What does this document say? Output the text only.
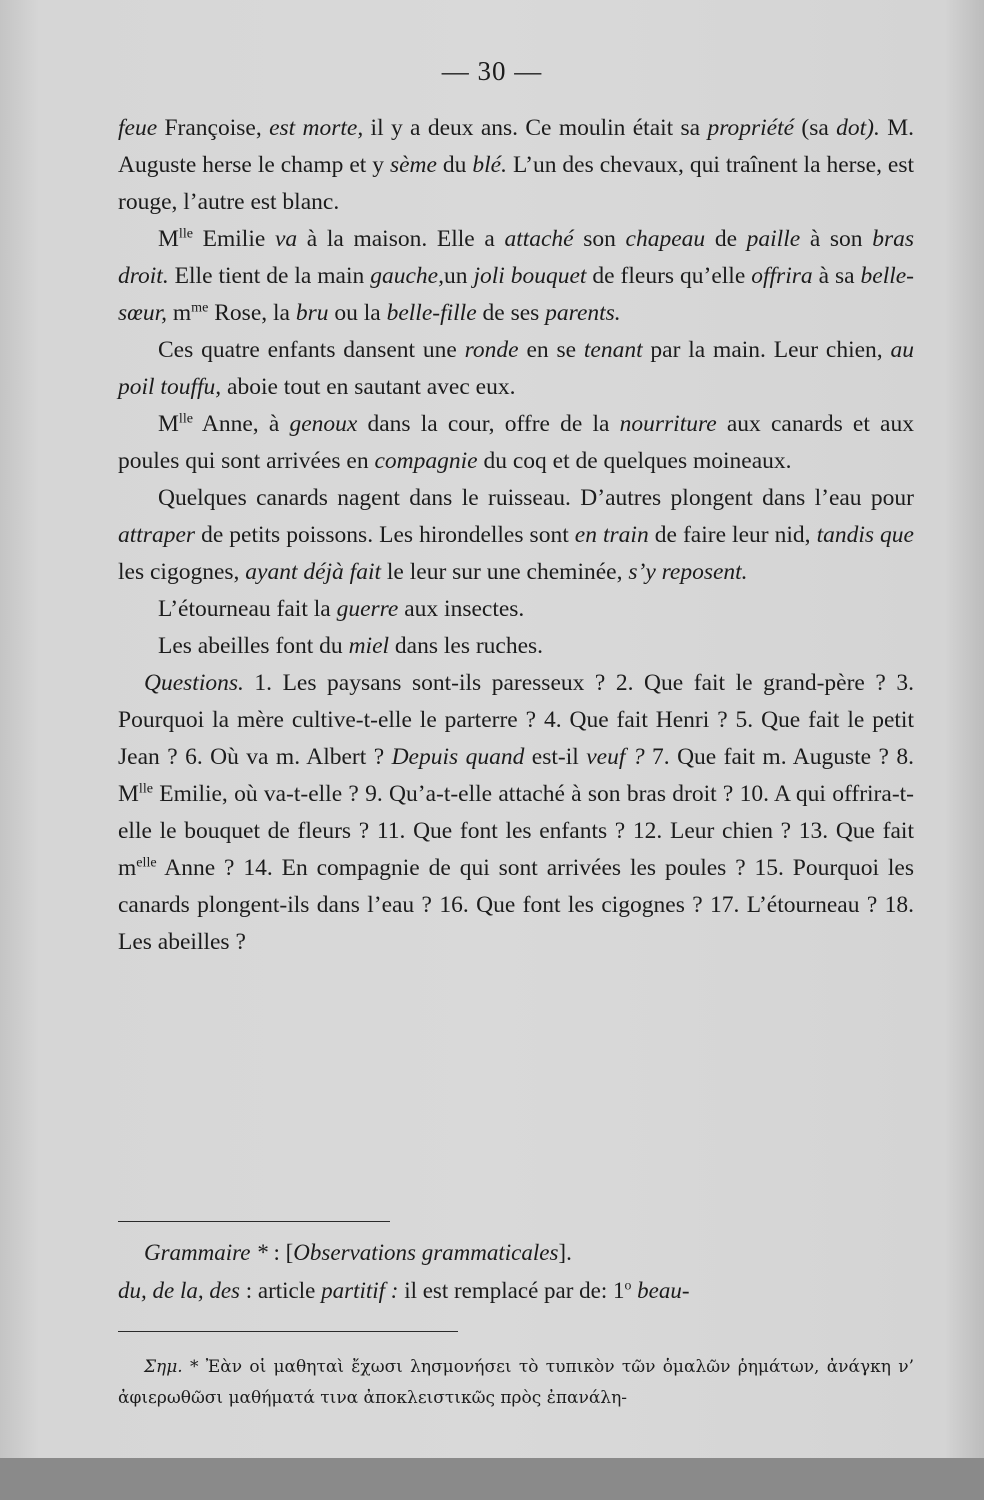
— 30 —

feue Françoise, est morte, il y a deux ans. Ce moulin était sa propriété (sa dot). M. Auguste herse le champ et y sème du blé. L’un des chevaux, qui traînent la herse, est rouge, l’autre est blanc.

$M^{lle}$ Emilie va à la maison. Elle a attaché son chapeau de paille à son bras droit. Elle tient de la main gauche,un joli bouquet de fleurs qu’elle offrira à sa belle-sœur, $m^{me}$ Rose, la bru ou la belle-fille de ses parents.

Ces quatre enfants dansent une ronde en se tenant par la main. Leur chien, au poil touffu, aboie tout en sautant avec eux.

$M^{lle}$ Anne, à genoux dans la cour, offre de la nourriture aux canards et aux poules qui sont arrivées en compagnie du coq et de quelques moineaux.

Quelques canards nagent dans le ruisseau. D’autres plongent dans l’eau pour attraper de petits poissons. Les hirondelles sont en train de faire leur nid, tandis que les cigognes, ayant déjà fait le leur sur une cheminée, s’y reposent.

L’étourneau fait la guerre aux insectes.

Les abeilles font du miel dans les ruches.

Questions. 1. Les paysans sont-ils paresseux ? 2. Que fait le grand-père ? 3. Pourquoi la mère cultive-t-elle le parterre ? 4. Que fait Henri ? 5. Que fait le petit Jean ? 6. Où va m. Albert ? Depuis quand est-il veuf ? 7. Que fait m. Auguste ? 8. $M^{lle}$ Emilie, où va-t-elle ? 9. Qu’a-t-elle attaché à son bras droit ? 10. A qui offrira-t-elle le bouquet de fleurs ? 11. Que font les enfants ? 12. Leur chien ? 13. Que fait $m^{elle}$ Anne ? 14. En compagnie de qui sont arrivées les poules ? 15. Pourquoi les canards plongent-ils dans l’eau ? 16. Que font les cigognes ? 17. L’étourneau ? 18. Les abeilles ?

Grammaire * : [Observations grammaticales].

du, de la, des : article partitif : il est remplacé par de: 1$^o$ beau-

Σημ. * Ἐὰν οἱ μαθηταὶ ἔχωσι λησμονήσει τὸ τυπικὸν τῶν ὁμαλῶν ῥημάτων, ἀνάγκη ν’ ἀφιερωθῶσι μαθήματά τινα ἀποκλειστικῶς πρὸς ἐπανάλη-
